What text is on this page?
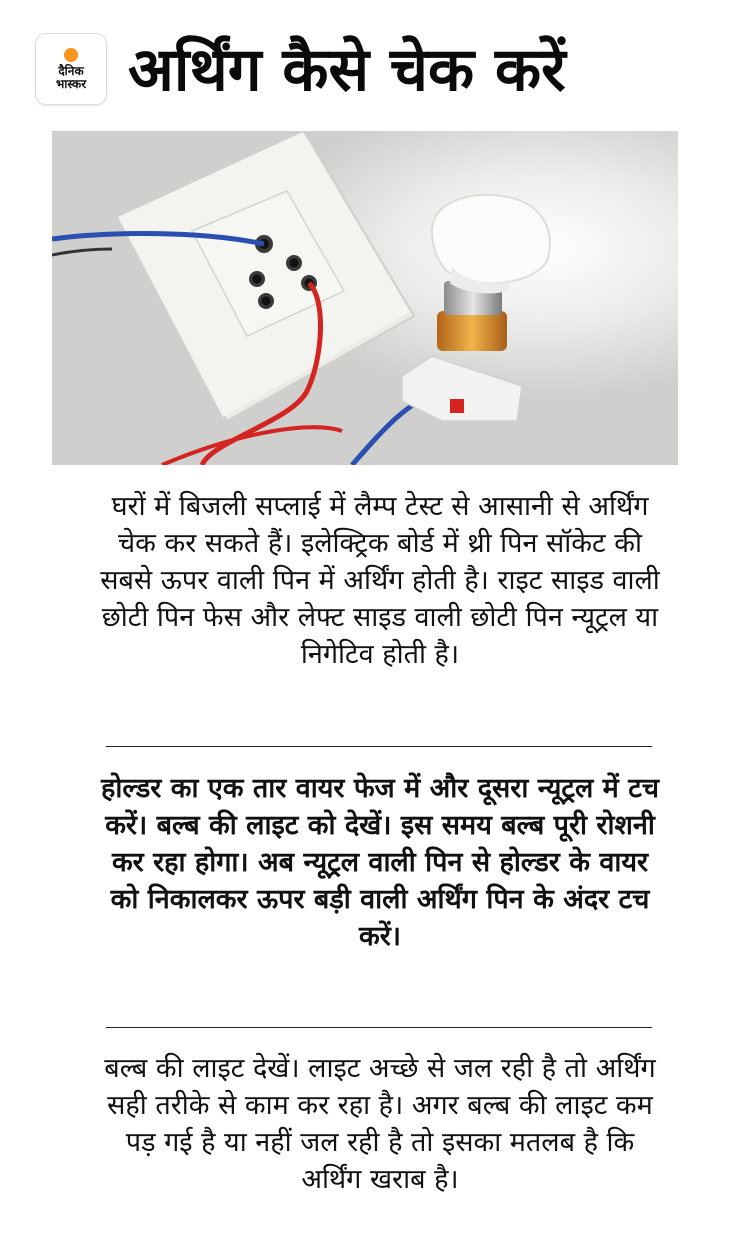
दैनिक
भास्कर अर्थिंग कैसे चेक करें
घरों में बिजली सप्लाई में लैम्प टेस्ट से आसानी से अर्थिंग चेक कर सकते हैं। इलेक्ट्रिक बोर्ड में थ्री पिन सॉकेट की सबसे ऊपर वाली पिन में अर्थिंग होती है। राइट साइड वाली छोटी पिन फेस और लेफ्ट साइड वाली छोटी पिन न्यूट्रल या निगेटिव होती है।
होल्डर का एक तार वायर फेज में और दूसरा न्यूट्रल में टच करें। बल्ब की लाइट को देखें। इस समय बल्ब पूरी रोशनी कर रहा होगा। अब न्यूट्रल वाली पिन से होल्डर के वायर को निकालकर ऊपर बड़ी वाली अर्थिंग पिन के अंदर टच करें।
बल्ब की लाइट देखें। लाइट अच्छे से जल रही है तो अर्थिंग सही तरीके से काम कर रहा है। अगर बल्ब की लाइट कम पड़ गई है या नहीं जल रही है तो इसका मतलब है कि अर्थिंग खराब है।
